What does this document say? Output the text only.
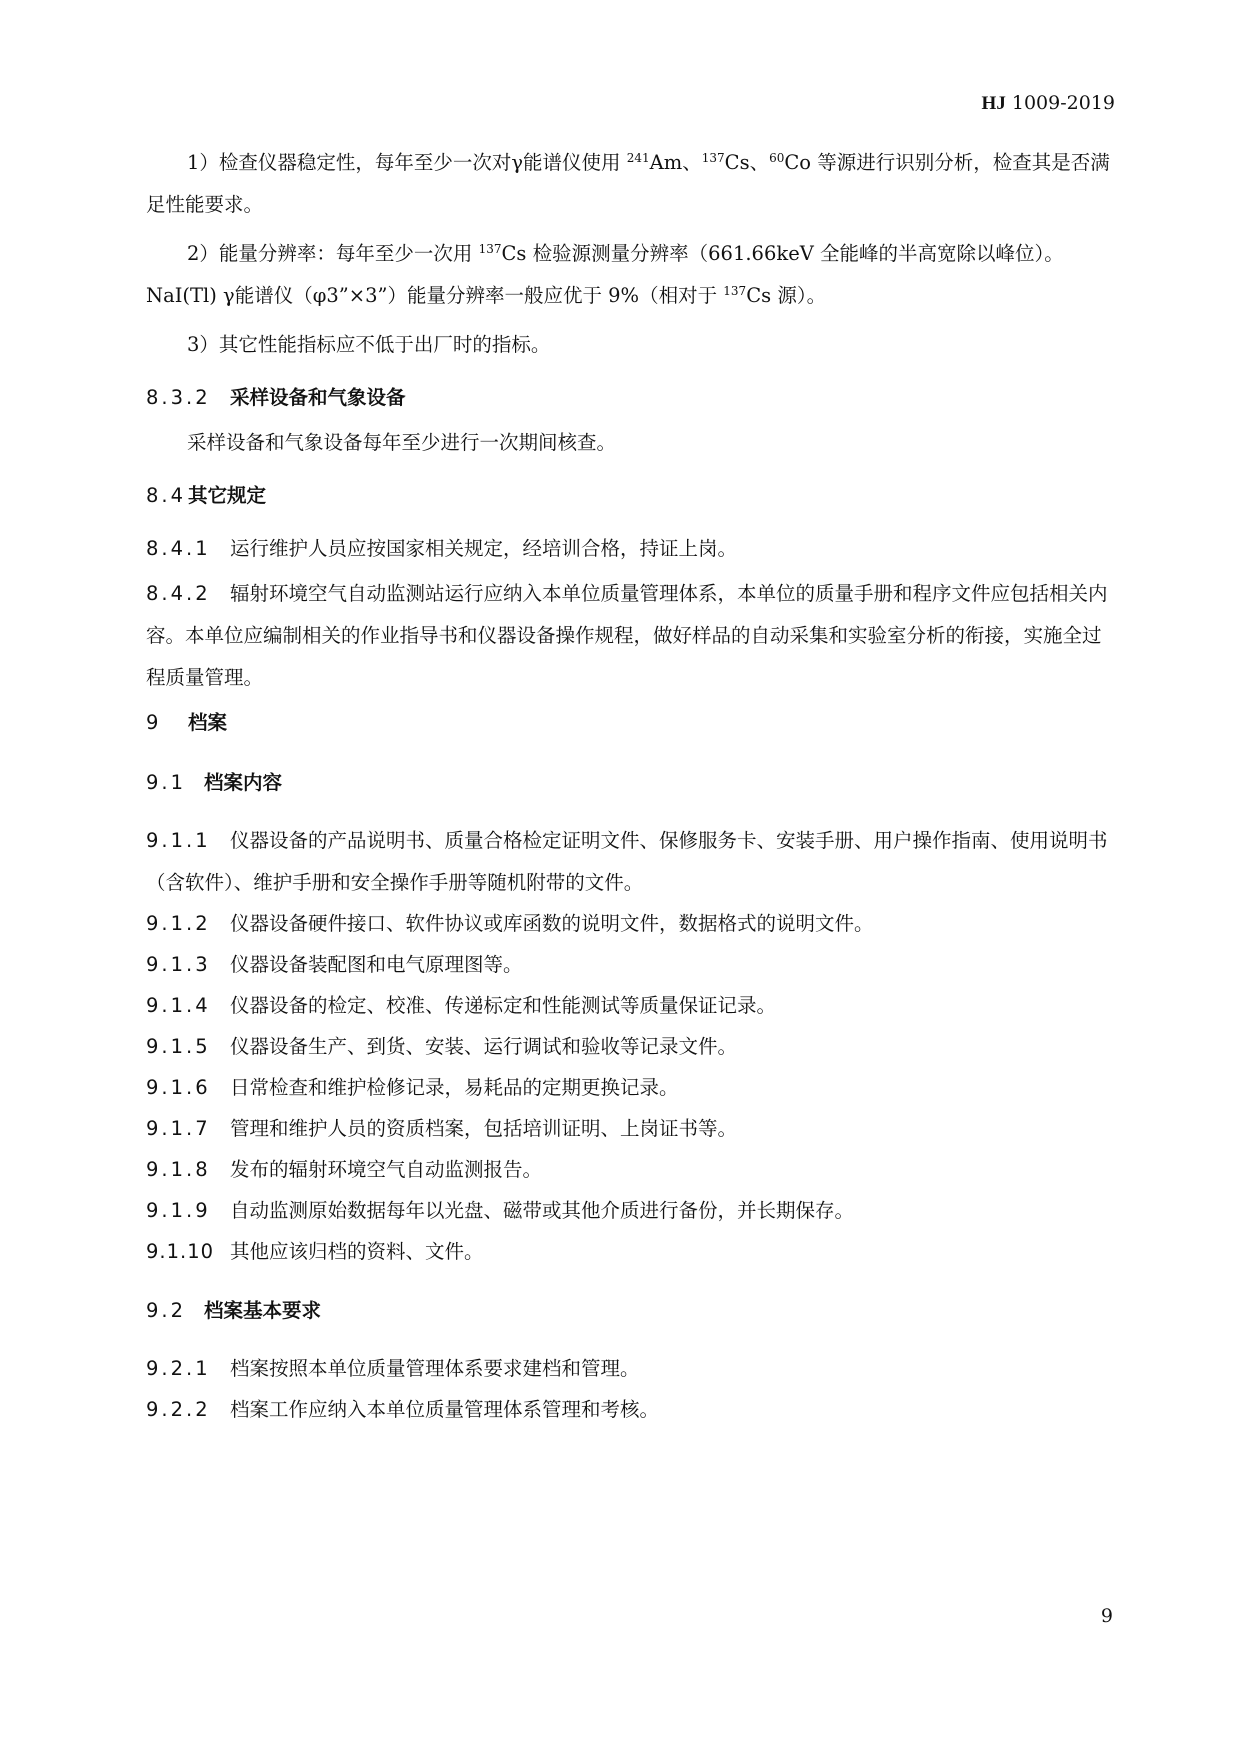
HJ 1009-2019

1）检查仪器稳定性，每年至少一次对γ能谱仪使用 $^{241}$Am、$^{137}$Cs、$^{60}$Co 等源进行识别分析，检查其是否满足性能要求。

2）能量分辨率：每年至少一次用 $^{137}$Cs 检验源测量分辨率（661.66keV 全能峰的半高宽除以峰位）。NaI(Tl) γ能谱仪（φ3”×3”）能量分辨率一般应优于 9%（相对于 $^{137}$Cs 源）。

3）其它性能指标应不低于出厂时的指标。

8.3.2 采样设备和气象设备

采样设备和气象设备每年至少进行一次期间核查。

8.4 其它规定

8.4.1 运行维护人员应按国家相关规定，经培训合格，持证上岗。

8.4.2 辐射环境空气自动监测站运行应纳入本单位质量管理体系，本单位的质量手册和程序文件应包括相关内容。本单位应编制相关的作业指导书和仪器设备操作规程，做好样品的自动采集和实验室分析的衔接，实施全过程质量管理。

9 档案

9.1 档案内容

9.1.1 仪器设备的产品说明书、质量合格检定证明文件、保修服务卡、安装手册、用户操作指南、使用说明书（含软件）、维护手册和安全操作手册等随机附带的文件。

9.1.2 仪器设备硬件接口、软件协议或库函数的说明文件，数据格式的说明文件。

9.1.3 仪器设备装配图和电气原理图等。

9.1.4 仪器设备的检定、校准、传递标定和性能测试等质量保证记录。

9.1.5 仪器设备生产、到货、安装、运行调试和验收等记录文件。

9.1.6 日常检查和维护检修记录，易耗品的定期更换记录。

9.1.7 管理和维护人员的资质档案，包括培训证明、上岗证书等。

9.1.8 发布的辐射环境空气自动监测报告。

9.1.9 自动监测原始数据每年以光盘、磁带或其他介质进行备份，并长期保存。

9.1.10 其他应该归档的资料、文件。

9.2 档案基本要求

9.2.1 档案按照本单位质量管理体系要求建档和管理。

9.2.2 档案工作应纳入本单位质量管理体系管理和考核。

9
